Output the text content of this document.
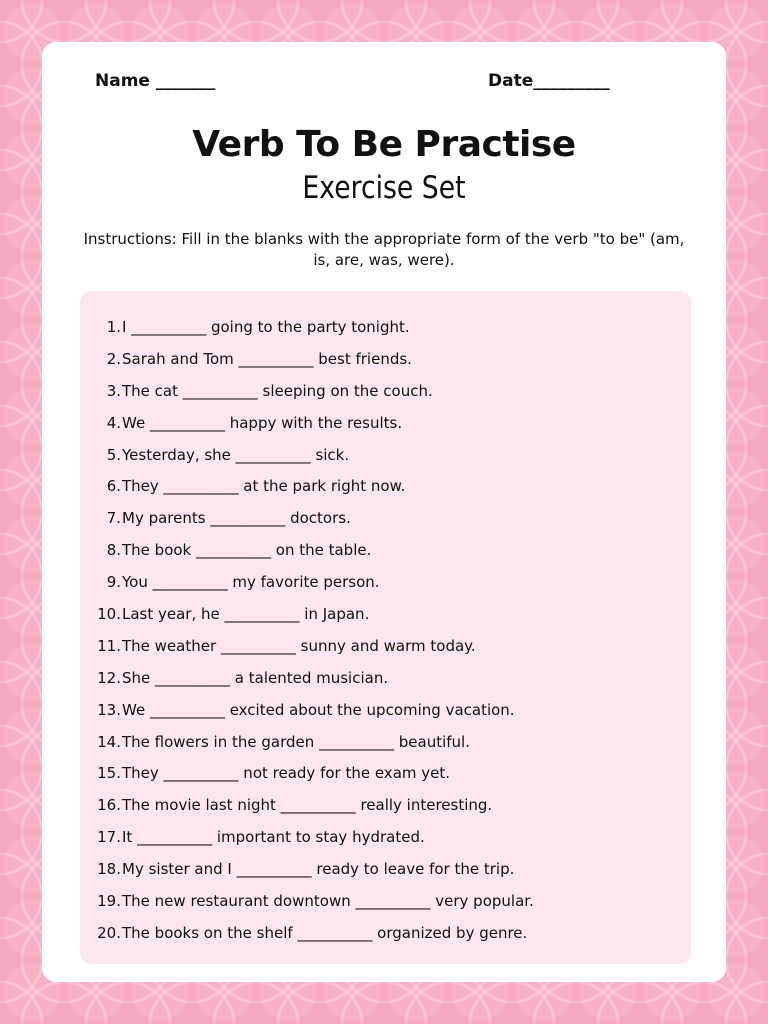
Name _______	Date_________
Verb To Be Practise
Exercise Set
Instructions: Fill in the blanks with the appropriate form of the verb "to be" (am, is, are, was, were).
1. I __________ going to the party tonight.
2. Sarah and Tom __________ best friends.
3. The cat __________ sleeping on the couch.
4. We __________ happy with the results.
5. Yesterday, she __________ sick.
6. They __________ at the park right now.
7. My parents __________ doctors.
8. The book __________ on the table.
9. You __________ my favorite person.
10. Last year, he __________ in Japan.
11. The weather __________ sunny and warm today.
12. She __________ a talented musician.
13. We __________ excited about the upcoming vacation.
14. The flowers in the garden __________ beautiful.
15. They __________ not ready for the exam yet.
16. The movie last night __________ really interesting.
17. It __________ important to stay hydrated.
18. My sister and I __________ ready to leave for the trip.
19. The new restaurant downtown __________ very popular.
20. The books on the shelf __________ organized by genre.
